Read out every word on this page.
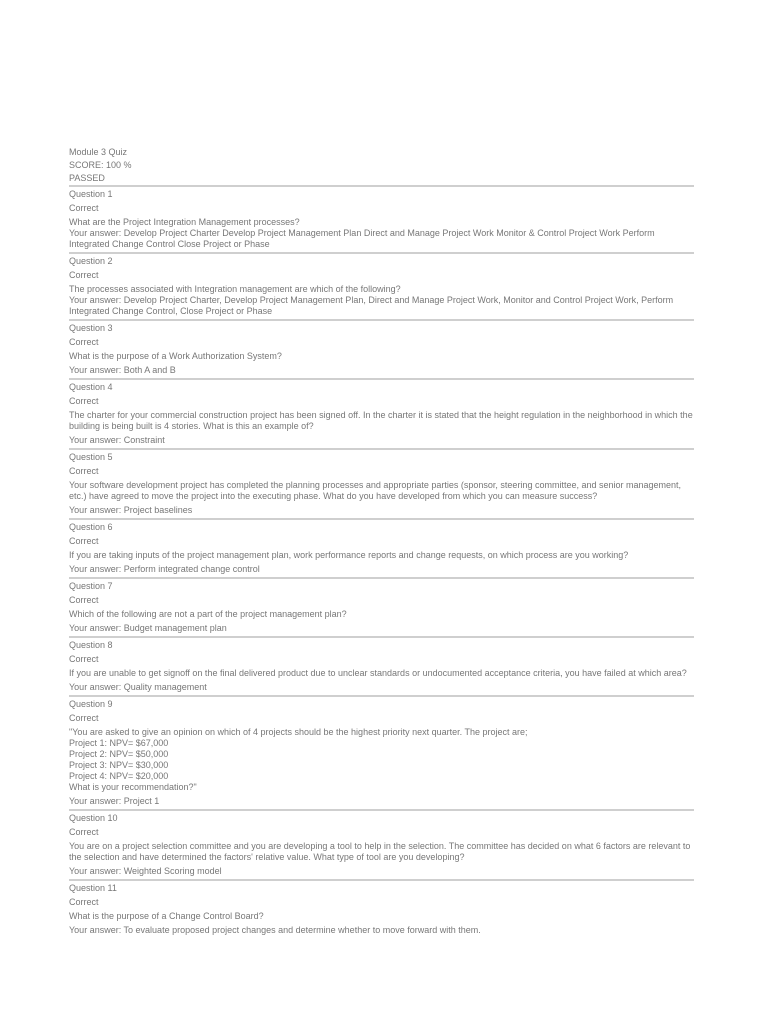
Module 3 Quiz
SCORE: 100 %
PASSED
Question 1
Correct
What are the Project Integration Management processes?
Your answer: Develop Project Charter Develop Project Management Plan Direct and Manage Project Work Monitor & Control Project Work Perform Integrated Change Control Close Project or Phase
Question 2
Correct
The processes associated with Integration management are which of the following?
Your answer: Develop Project Charter, Develop Project Management Plan, Direct and Manage Project Work, Monitor and Control Project Work, Perform Integrated Change Control, Close Project or Phase
Question 3
Correct
What is the purpose of a Work Authorization System?
Your answer: Both A and B
Question 4
Correct
The charter for your commercial construction project has been signed off. In the charter it is stated that the height regulation in the neighborhood in which the building is being built is 4 stories. What is this an example of?
Your answer: Constraint
Question 5
Correct
Your software development project has completed the planning processes and appropriate parties (sponsor, steering committee, and senior management, etc.) have agreed to move the project into the executing phase. What do you have developed from which you can measure success?
Your answer: Project baselines
Question 6
Correct
If you are taking inputs of the project management plan, work performance reports and change requests, on which process are you working?
Your answer: Perform integrated change control
Question 7
Correct
Which of the following are not a part of the project management plan?
Your answer: Budget management plan
Question 8
Correct
If you are unable to get signoff on the final delivered product due to unclear standards or undocumented acceptance criteria, you have failed at which area?
Your answer: Quality management
Question 9
Correct
"You are asked to give an opinion on which of 4 projects should be the highest priority next quarter. The project are;
Project 1: NPV= $67,000
Project 2: NPV= $50,000
Project 3: NPV= $30,000
Project 4: NPV= $20,000
What is your recommendation?"
Your answer: Project 1
Question 10
Correct
You are on a project selection committee and you are developing a tool to help in the selection. The committee has decided on what 6 factors are relevant to the selection and have determined the factors' relative value. What type of tool are you developing?
Your answer: Weighted Scoring model
Question 11
Correct
What is the purpose of a Change Control Board?
Your answer: To evaluate proposed project changes and determine whether to move forward with them.
